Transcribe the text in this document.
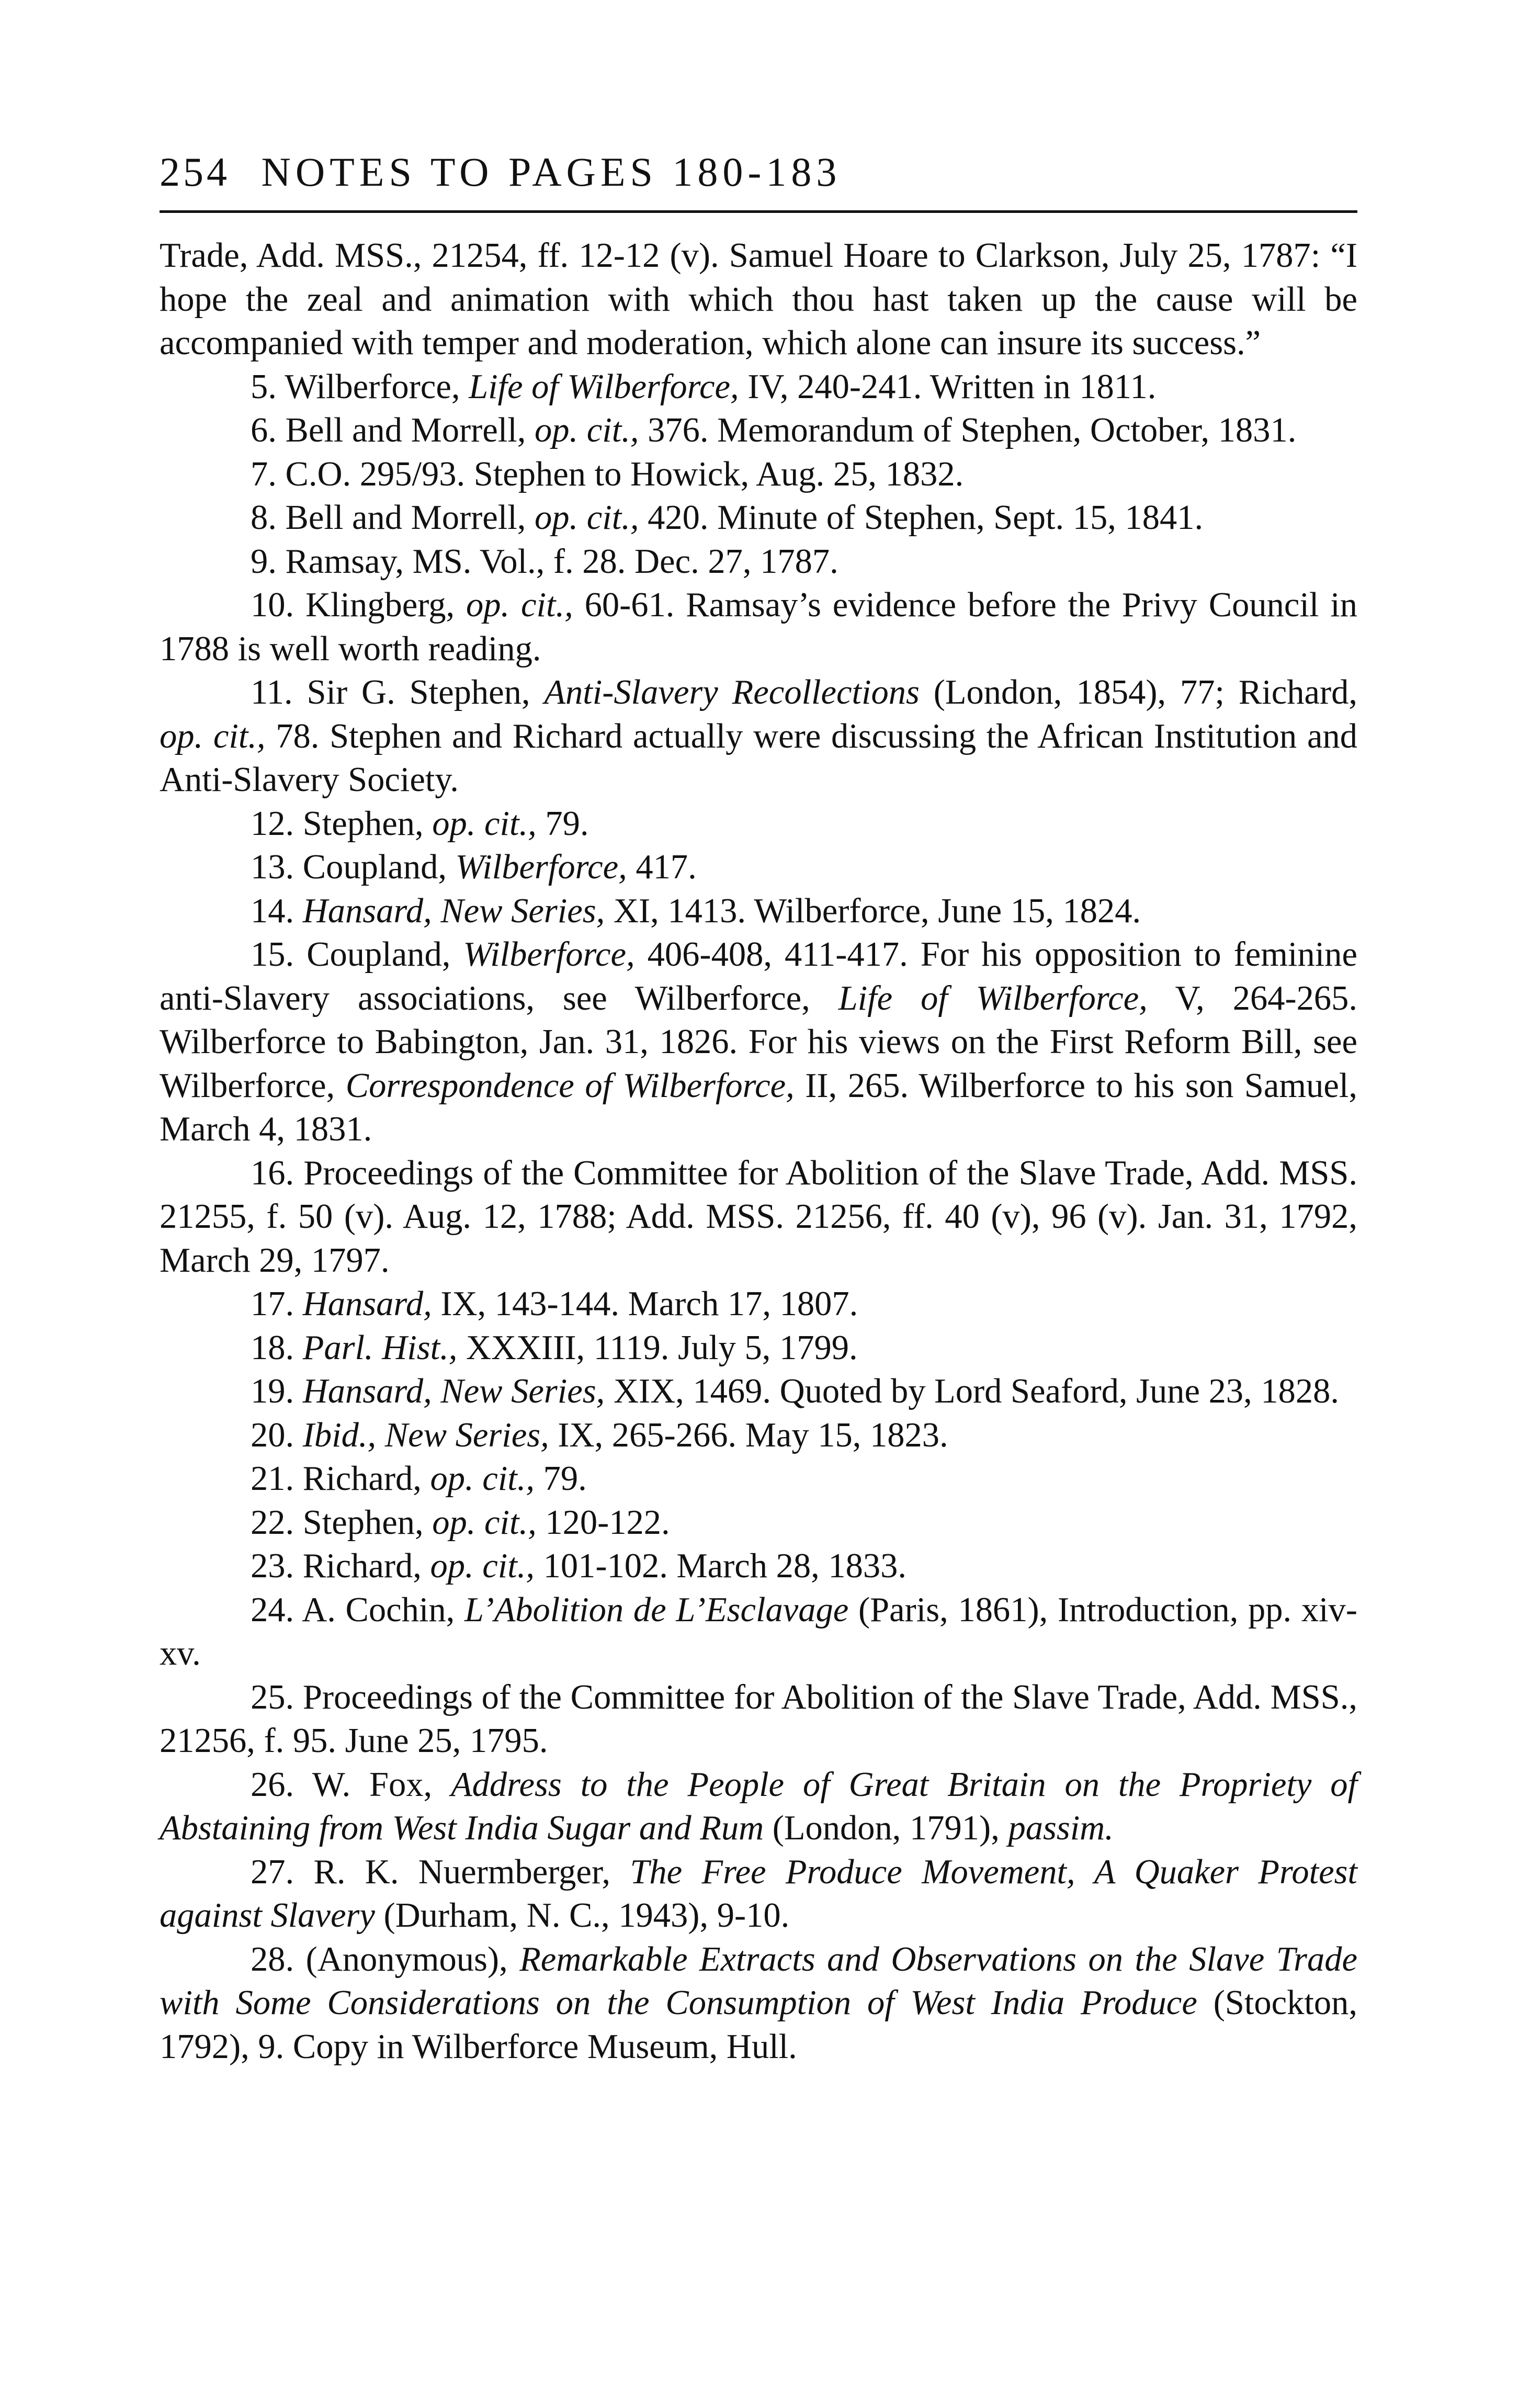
254 NOTES TO PAGES 180-183

Trade, Add. MSS., 21254, ff. 12-12 (v). Samuel Hoare to Clarkson, July 25, 1787: “I hope the zeal and animation with which thou hast taken up the cause will be accompanied with temper and moderation, which alone can insure its success.”

5. Wilberforce, Life of Wilberforce, IV, 240-241. Written in 1811.

6. Bell and Morrell, op. cit., 376. Memorandum of Stephen, October, 1831.

7. C.O. 295/93. Stephen to Howick, Aug. 25, 1832.

8. Bell and Morrell, op. cit., 420. Minute of Stephen, Sept. 15, 1841.

9. Ramsay, MS. Vol., f. 28. Dec. 27, 1787.

10. Klingberg, op. cit., 60-61. Ramsay’s evidence before the Privy Council in 1788 is well worth reading.

11. Sir G. Stephen, Anti-Slavery Recollections (London, 1854), 77; Richard, op. cit., 78. Stephen and Richard actually were discussing the African Institution and Anti-Slavery Society.

12. Stephen, op. cit., 79.

13. Coupland, Wilberforce, 417.

14. Hansard, New Series, XI, 1413. Wilberforce, June 15, 1824.

15. Coupland, Wilberforce, 406-408, 411-417. For his opposition to feminine anti-Slavery associations, see Wilberforce, Life of Wilberforce, V, 264-265. Wilberforce to Babington, Jan. 31, 1826. For his views on the First Reform Bill, see Wilberforce, Correspondence of Wilberforce, II, 265. Wilberforce to his son Samuel, March 4, 1831.

16. Proceedings of the Committee for Abolition of the Slave Trade, Add. MSS. 21255, f. 50 (v). Aug. 12, 1788; Add. MSS. 21256, ff. 40 (v), 96 (v). Jan. 31, 1792, March 29, 1797.

17. Hansard, IX, 143-144. March 17, 1807.

18. Parl. Hist., XXXIII, 1119. July 5, 1799.

19. Hansard, New Series, XIX, 1469. Quoted by Lord Seaford, June 23, 1828.

20. Ibid., New Series, IX, 265-266. May 15, 1823.

21. Richard, op. cit., 79.

22. Stephen, op. cit., 120-122.

23. Richard, op. cit., 101-102. March 28, 1833.

24. A. Cochin, L’Abolition de L’Esclavage (Paris, 1861), Introduction, pp. xiv-xv.

25. Proceedings of the Committee for Abolition of the Slave Trade, Add. MSS., 21256, f. 95. June 25, 1795.

26. W. Fox, Address to the People of Great Britain on the Propriety of Abstaining from West India Sugar and Rum (London, 1791), passim.

27. R. K. Nuermberger, The Free Produce Movement, A Quaker Protest against Slavery (Durham, N. C., 1943), 9-10.

28. (Anonymous), Remarkable Extracts and Observations on the Slave Trade with Some Considerations on the Consumption of West India Produce (Stockton, 1792), 9. Copy in Wilberforce Museum, Hull.
